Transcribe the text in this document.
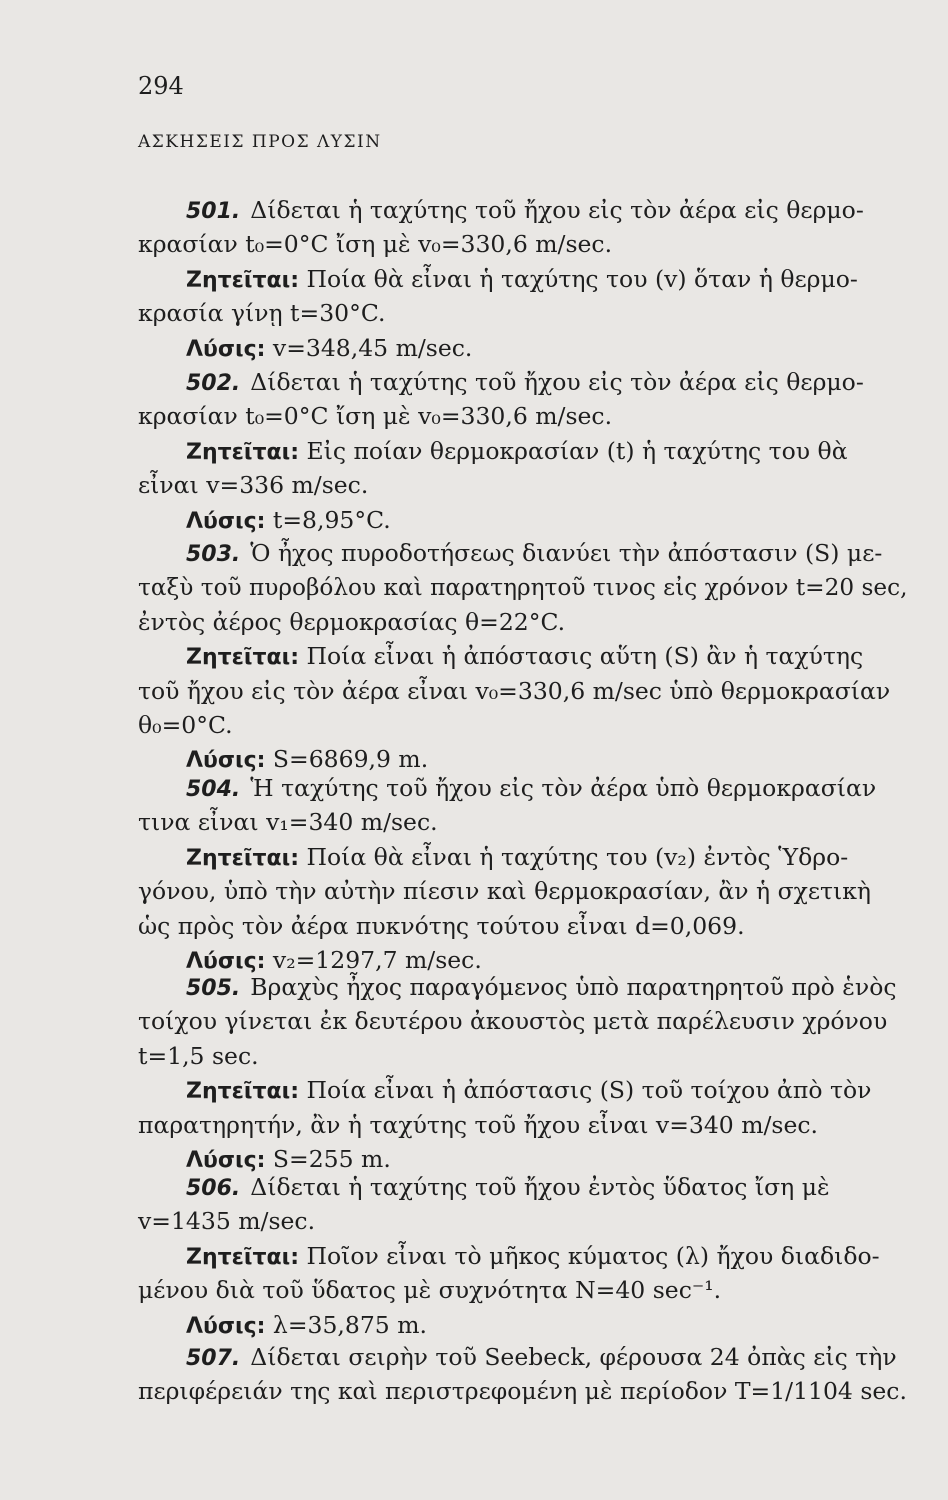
294
ΑΣΚΗΣΕΙΣ ΠΡΟΣ ΛΥΣΙΝ
501. Δίδεται ἡ ταχύτης τοῦ ἤχου εἰς τὸν ἀέρα εἰς θερμο-
κρασίαν t₀=0°C ἴση μὲ v₀=330,6 m/sec.
Ζητεῖται: Ποία θὰ εἶναι ἡ ταχύτης του (v) ὅταν ἡ θερμο-
κρασία γίνῃ t=30°C.
Λύσις: v=348,45 m/sec.
502. Δίδεται ἡ ταχύτης τοῦ ἤχου εἰς τὸν ἀέρα εἰς θερμο-
κρασίαν t₀=0°C ἴση μὲ v₀=330,6 m/sec.
Ζητεῖται: Εἰς ποίαν θερμοκρασίαν (t) ἡ ταχύτης του θὰ
εἶναι v=336 m/sec.
Λύσις: t=8,95°C.
503. Ὁ ἦχος πυροδοτήσεως διανύει τὴν ἀπόστασιν (S) με-
ταξὺ τοῦ πυροβόλου καὶ παρατηρητοῦ τινος εἰς χρόνον t=20 sec,
ἐντὸς ἀέρος θερμοκρασίας θ=22°C.
Ζητεῖται: Ποία εἶναι ἡ ἀπόστασις αὕτη (S) ἂν ἡ ταχύτης
τοῦ ἤχου εἰς τὸν ἀέρα εἶναι v₀=330,6 m/sec ὑπὸ θερμοκρασίαν
θ₀=0°C.
Λύσις: S=6869,9 m.
504. Ἡ ταχύτης τοῦ ἤχου εἰς τὸν ἀέρα ὑπὸ θερμοκρασίαν
τινα εἶναι v₁=340 m/sec.
Ζητεῖται: Ποία θὰ εἶναι ἡ ταχύτης του (v₂) ἐντὸς Ὑδρο-
γόνου, ὑπὸ τὴν αὐτὴν πίεσιν καὶ θερμοκρασίαν, ἂν ἡ σχετικὴ
ὡς πρὸς τὸν ἀέρα πυκνότης τούτου εἶναι d=0,069.
Λύσις: v₂=1297,7 m/sec.
505. Βραχὺς ἦχος παραγόμενος ὑπὸ παρατηρητοῦ πρὸ ἑνὸς
τοίχου γίνεται ἐκ δευτέρου ἀκουστὸς μετὰ παρέλευσιν χρόνου
t=1,5 sec.
Ζητεῖται: Ποία εἶναι ἡ ἀπόστασις (S) τοῦ τοίχου ἀπὸ τὸν
παρατηρητήν, ἂν ἡ ταχύτης τοῦ ἤχου εἶναι v=340 m/sec.
Λύσις: S=255 m.
506. Δίδεται ἡ ταχύτης τοῦ ἤχου ἐντὸς ὕδατος ἴση μὲ
v=1435 m/sec.
Ζητεῖται: Ποῖον εἶναι τὸ μῆκος κύματος (λ) ἤχου διαδιδο-
μένου διὰ τοῦ ὕδατος μὲ συχνότητα N=40 sec⁻¹.
Λύσις: λ=35,875 m.
507. Δίδεται σειρὴν τοῦ Seebeck, φέρουσα 24 ὀπὰς εἰς τὴν
περιφέρειάν της καὶ περιστρεφομένη μὲ περίοδον T=1/1104 sec.
